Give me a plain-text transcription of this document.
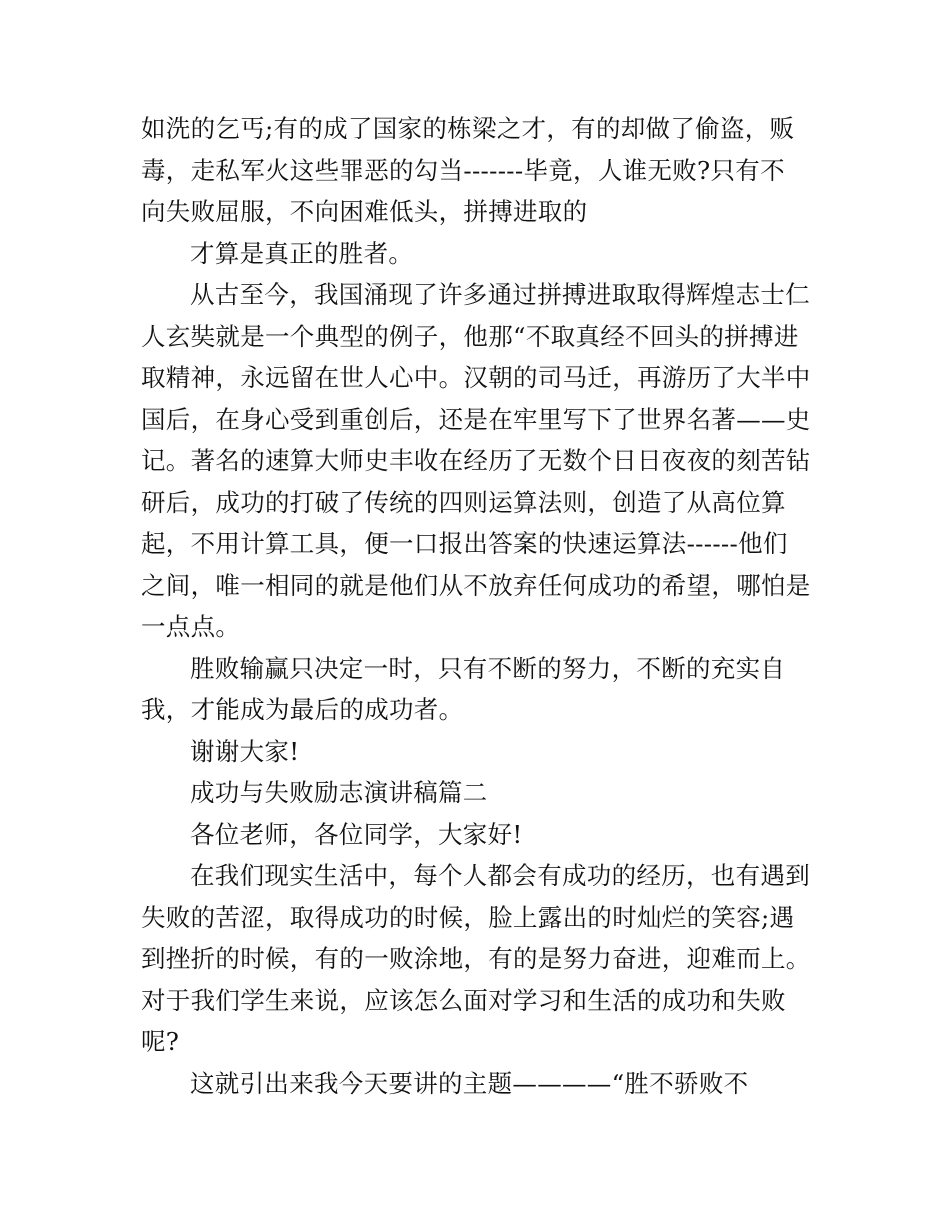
如洗的乞丐;有的成了国家的栋梁之才，有的却做了偷盗，贩
毒，走私军火这些罪恶的勾当-------毕竟，人谁无败?只有不
向失败屈服，不向困难低头，拼搏进取的

才算是真正的胜者。

从古至今，我国涌现了许多通过拼搏进取取得辉煌志士仁
人玄奘就是一个典型的例子，他那“不取真经不回头的拼搏进
取精神，永远留在世人心中。汉朝的司马迁，再游历了大半中
国后，在身心受到重创后，还是在牢里写下了世界名著——史
记。著名的速算大师史丰收在经历了无数个日日夜夜的刻苦钻
研后，成功的打破了传统的四则运算法则，创造了从高位算
起，不用计算工具，便一口报出答案的快速运算法------他们
之间，唯一相同的就是他们从不放弃任何成功的希望，哪怕是
一点点。

胜败输赢只决定一时，只有不断的努力，不断的充实自
我，才能成为最后的成功者。

谢谢大家!

成功与失败励志演讲稿篇二

各位老师，各位同学，大家好!

在我们现实生活中，每个人都会有成功的经历，也有遇到
失败的苦涩，取得成功的时候，脸上露出的时灿烂的笑容;遇
到挫折的时候，有的一败涂地，有的是努力奋进，迎难而上。
对于我们学生来说，应该怎么面对学习和生活的成功和失败
呢?

这就引出来我今天要讲的主题————“胜不骄败不
